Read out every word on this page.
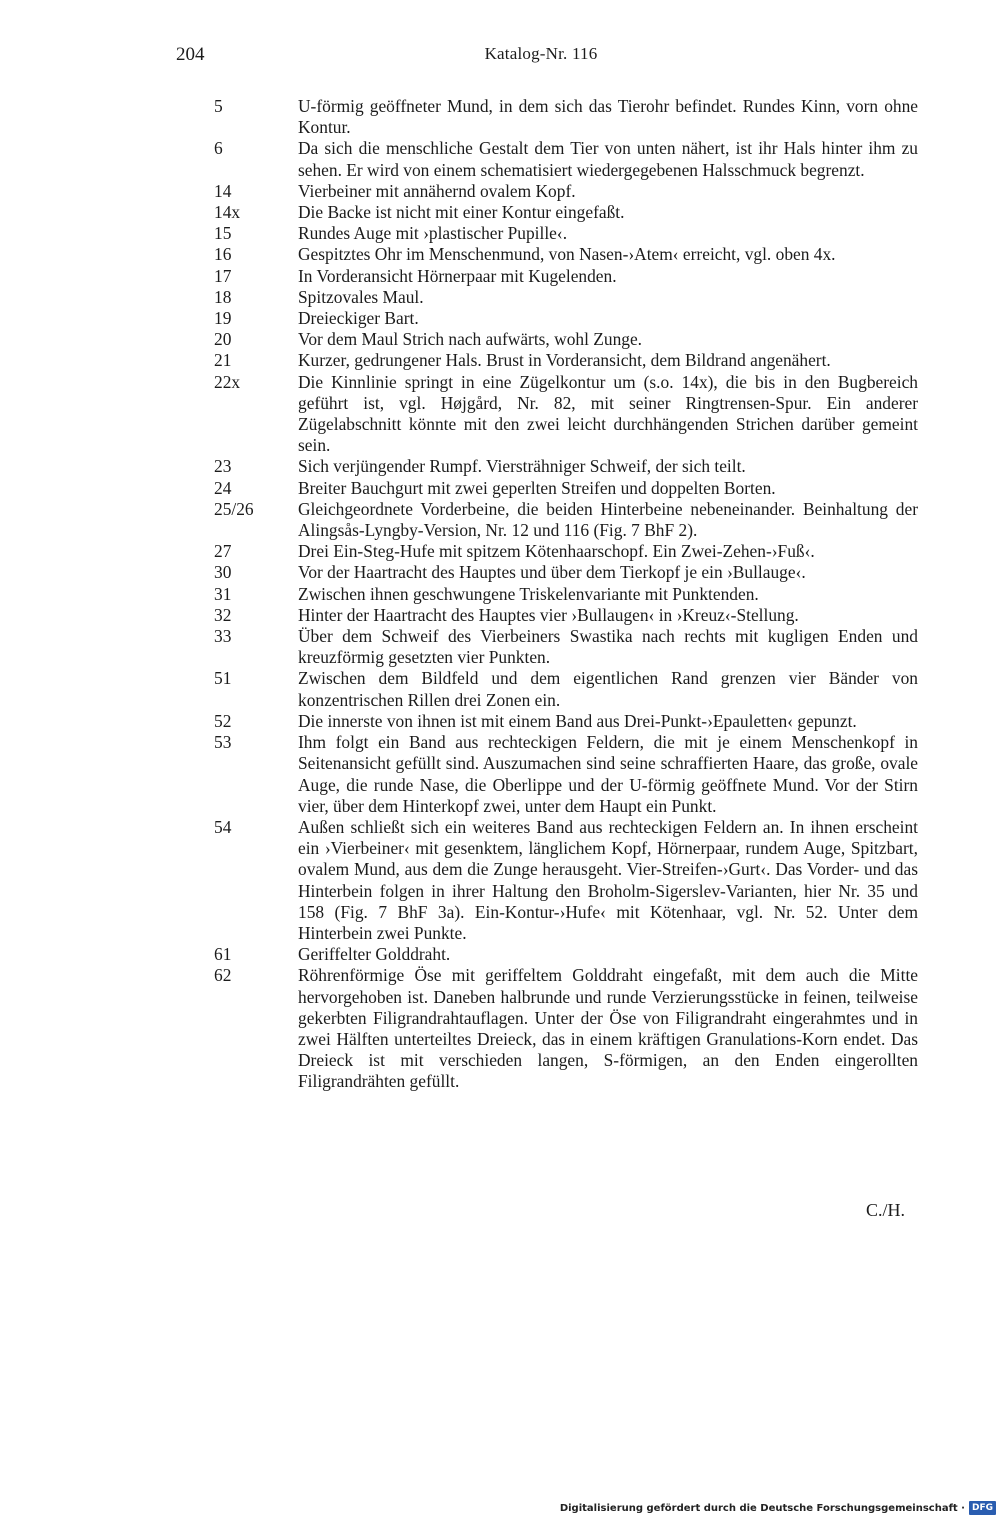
204	Katalog-Nr. 116
5	U-förmig geöffneter Mund, in dem sich das Tierohr befindet. Rundes Kinn, vorn ohne Kontur.
6	Da sich die menschliche Gestalt dem Tier von unten nähert, ist ihr Hals hinter ihm zu sehen. Er wird von einem schematisiert wiedergegebenen Halsschmuck begrenzt.
14	Vierbeiner mit annähernd ovalem Kopf.
14x	Die Backe ist nicht mit einer Kontur eingefaßt.
15	Rundes Auge mit ›plastischer Pupille‹.
16	Gespitztes Ohr im Menschenmund, von Nasen-›Atem‹ erreicht, vgl. oben 4x.
17	In Vorderansicht Hörnerpaar mit Kugelenden.
18	Spitzovales Maul.
19	Dreieckiger Bart.
20	Vor dem Maul Strich nach aufwärts, wohl Zunge.
21	Kurzer, gedrungener Hals. Brust in Vorderansicht, dem Bildrand angenähert.
22x	Die Kinnlinie springt in eine Zügelkontur um (s.o. 14x), die bis in den Bugbereich geführt ist, vgl. Højgård, Nr. 82, mit seiner Ringtrensen-Spur. Ein anderer Zügelabschnitt könnte mit den zwei leicht durchhängenden Strichen darüber gemeint sein.
23	Sich verjüngender Rumpf. Viersträhniger Schweif, der sich teilt.
24	Breiter Bauchgurt mit zwei geperlten Streifen und doppelten Borten.
25/26	Gleichgeordnete Vorderbeine, die beiden Hinterbeine nebeneinander. Beinhaltung der Alingsås-Lyngby-Version, Nr. 12 und 116 (Fig. 7 BhF 2).
27	Drei Ein-Steg-Hufe mit spitzem Kötenhaarschopf. Ein Zwei-Zehen-›Fuß‹.
30	Vor der Haartracht des Hauptes und über dem Tierkopf je ein ›Bullauge‹.
31	Zwischen ihnen geschwungene Triskelenvariante mit Punktenden.
32	Hinter der Haartracht des Hauptes vier ›Bullaugen‹ in ›Kreuz‹-Stellung.
33	Über dem Schweif des Vierbeiners Swastika nach rechts mit kugligen Enden und kreuzförmig gesetzten vier Punkten.
51	Zwischen dem Bildfeld und dem eigentlichen Rand grenzen vier Bänder von konzentrischen Rillen drei Zonen ein.
52	Die innerste von ihnen ist mit einem Band aus Drei-Punkt-›Epauletten‹ gepunzt.
53	Ihm folgt ein Band aus rechteckigen Feldern, die mit je einem Menschenkopf in Seitenansicht gefüllt sind. Auszumachen sind seine schraffierten Haare, das große, ovale Auge, die runde Nase, die Oberlippe und der U-förmig geöffnete Mund. Vor der Stirn vier, über dem Hinterkopf zwei, unter dem Haupt ein Punkt.
54	Außen schließt sich ein weiteres Band aus rechteckigen Feldern an. In ihnen erscheint ein ›Vierbeiner‹ mit gesenktem, länglichem Kopf, Hörnerpaar, rundem Auge, Spitzbart, ovalem Mund, aus dem die Zunge herausgeht. Vier-Streifen-›Gurt‹. Das Vorder- und das Hinterbein folgen in ihrer Haltung den Broholm-Sigerslev-Varianten, hier Nr. 35 und 158 (Fig. 7 BhF 3a). Ein-Kontur-›Hufe‹ mit Kötenhaar, vgl. Nr. 52. Unter dem Hinterbein zwei Punkte.
61	Geriffelter Golddraht.
62	Röhrenförmige Öse mit geriffeltem Golddraht eingefaßt, mit dem auch die Mitte hervorgehoben ist. Daneben halbrunde und runde Verzierungsstücke in feinen, teilweise gekerbten Filigrandrahtauflagen. Unter der Öse von Filigrandraht eingerahmtes und in zwei Hälften unterteiltes Dreieck, das in einem kräftigen Granulations-Korn endet. Das Dreieck ist mit verschieden langen, S-förmigen, an den Enden eingerollten Filigrandrähten gefüllt.
C./H.
Digitalisierung gefördert durch die Deutsche Forschungsgemeinschaft · DFG
